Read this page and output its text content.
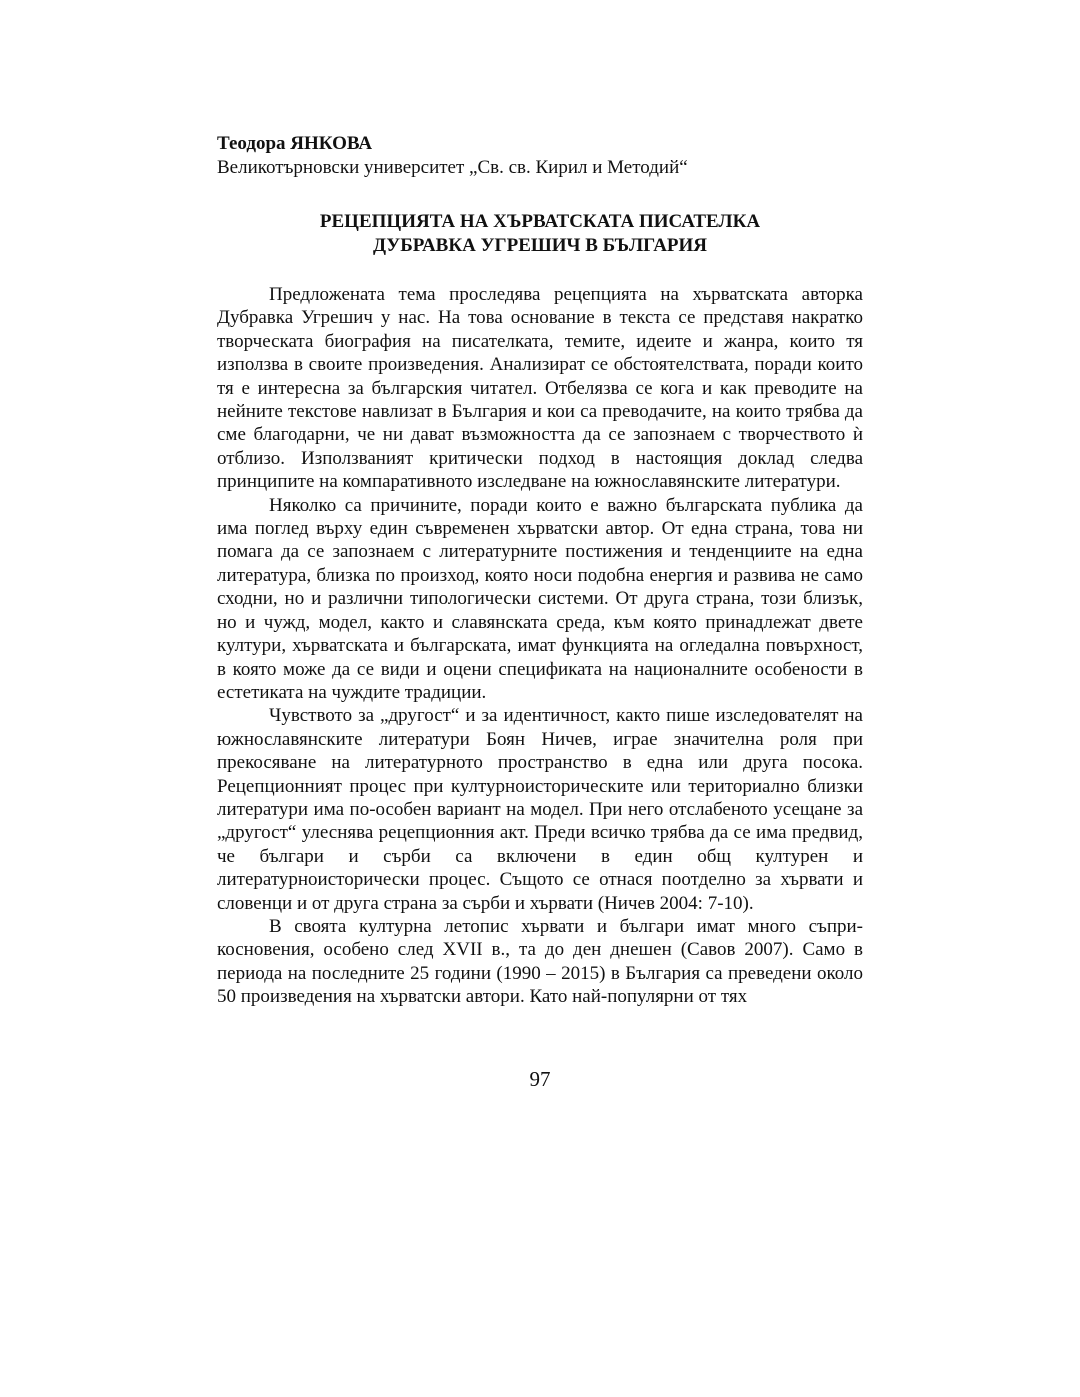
Теодора ЯНКОВА

Великотърновски университет „Св. св. Кирил и Методий“

РЕЦЕПЦИЯТА НА ХЪРВАТСКАТА ПИСАТЕЛКА
ДУБРАВКА УГРЕШИЧ В БЪЛГАРИЯ

Предложената тема проследява рецепцията на хърватската авторка Дубравка Угрешич у нас. На това основание в текста се представя накратко творческата биография на писателката, темите, идеите и жанра, които тя използва в своите произведения. Анализират се обстоятелствата, поради които тя е интересна за българския читател. Отбелязва се кога и как преводите на нейните текстове навлизат в България и кои са преводачите, на които трябва да сме благодарни, че ни дават възможността да се запознаем с творчеството ѝ отблизо. Използваният критически подход в настоящия доклад следва принципите на компаративното изследване на южнославянските литератури.

Няколко са причините, поради които е важно българската публика да има поглед върху един съвременен хърватски автор. От една страна, това ни помага да се запознаем с литературните постижения и тенденциите на една литература, близка по произход, която носи подобна енергия и развива не само сходни, но и различни типологически системи. От друга страна, този близък, но и чужд, модел, както и славянската среда, към която принадлежат двете култури, хърватската и българската, имат функцията на огледална повърхност, в която може да се види и оцени спецификата на националните особености в естетиката на чуждите традиции.

Чувството за „другост“ и за идентичност, както пише изследователят на южнославянските литератури Боян Ничев, играе значителна роля при прекосяване на литературното пространство в една или друга посока. Рецепционният процес при културноисторическите или териториално близки литератури има по-особен вариант на модел. При него отслабеното усещане за „другост“ улеснява рецепционния акт. Преди всичко трябва да се има предвид, че българи и сърби са включени в един общ културен и литературноисторически процес. Същото се отнася поотделно за хървати и словенци и от друга страна за сърби и хървати (Ничев 2004: 7-10).

В своята културна летопис хървати и българи имат много съприкосновения, особено след XVII в., та до ден днешен (Савов 2007). Само в периода на последните 25 години (1990 – 2015) в България са преведени около 50 произведения на хърватски автори. Като най-популярни от тях

97
